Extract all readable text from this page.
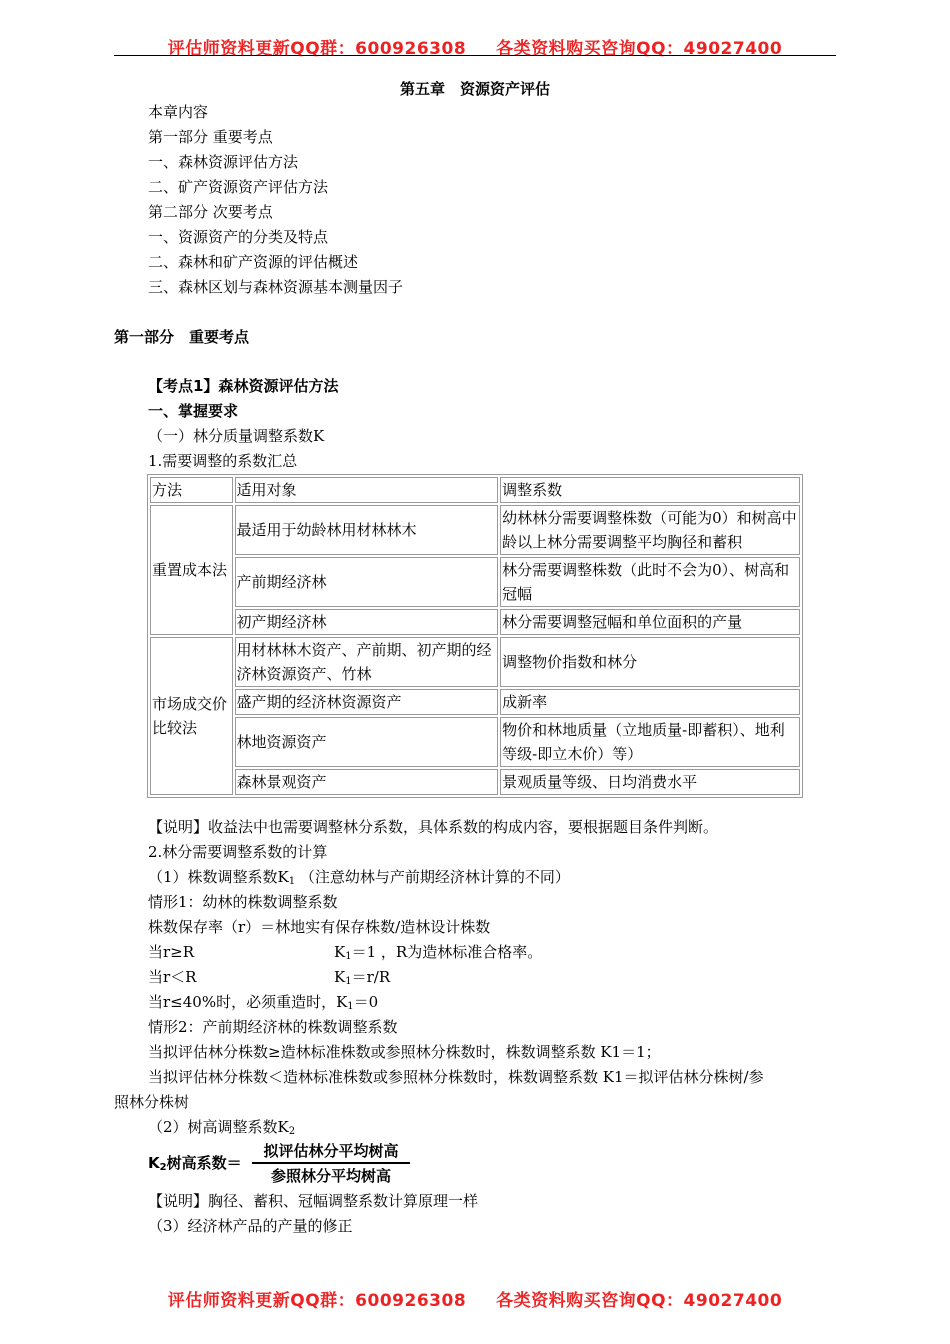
评估师资料更新QQ群：600926308 各类资料购买咨询QQ：49027400
第五章　资源资产评估
本章内容
第一部分 重要考点
一、森林资源评估方法
二、矿产资源资产评估方法
第二部分 次要考点
一、资源资产的分类及特点
二、森林和矿产资源的评估概述
三、森林区划与森林资源基本测量因子
第一部分　重要考点
【考点1】森林资源评估方法
一、掌握要求
（一）林分质量调整系数K
1.需要调整的系数汇总
方法	适用对象	调整系数
重置成本法	最适用于幼龄林用材林林木	幼林林分需要调整株数（可能为0）和树高中龄以上林分需要调整平均胸径和蓄积
	产前期经济林	林分需要调整株数（此时不会为0）、树高和冠幅
	初产期经济林	林分需要调整冠幅和单位面积的产量
市场成交价比较法	用材林林木资产、产前期、初产期的经济林资源资产、竹林	调整物价指数和林分
	盛产期的经济林资源资产	成新率
	林地资源资产	物价和林地质量（立地质量-即蓄积）、地利等级-即立木价）等）
	森林景观资产	景观质量等级、日均消费水平
【说明】收益法中也需要调整林分系数，具体系数的构成内容，要根据题目条件判断。
2.林分需要调整系数的计算
（1）株数调整系数$K_1$ （注意幼林与产前期经济林计算的不同）
情形1：幼林的株数调整系数
株数保存率（r）＝林地实有保存株数/造林设计株数
当r≥R	$K_1=1$ ，R为造林标准合格率。
当r＜R	$K_1=r/R$
当r≤40%时，必须重造时，$K_1=0$
情形2：产前期经济林的株数调整系数
当拟评估林分株数≥造林标准株数或参照林分株数时，株数调整系数 K1＝1；
当拟评估林分株数＜造林标准株数或参照林分株数时，株数调整系数 K1＝拟评估林分株树/参
照林分株树
（2）树高调整系数$K_2$
$K_2$树高系数＝
拟评估林分平均树高
参照林分平均树高
【说明】胸径、蓄积、冠幅调整系数计算原理一样
（3）经济林产品的产量的修正
评估师资料更新QQ群：600926308 各类资料购买咨询QQ：49027400
